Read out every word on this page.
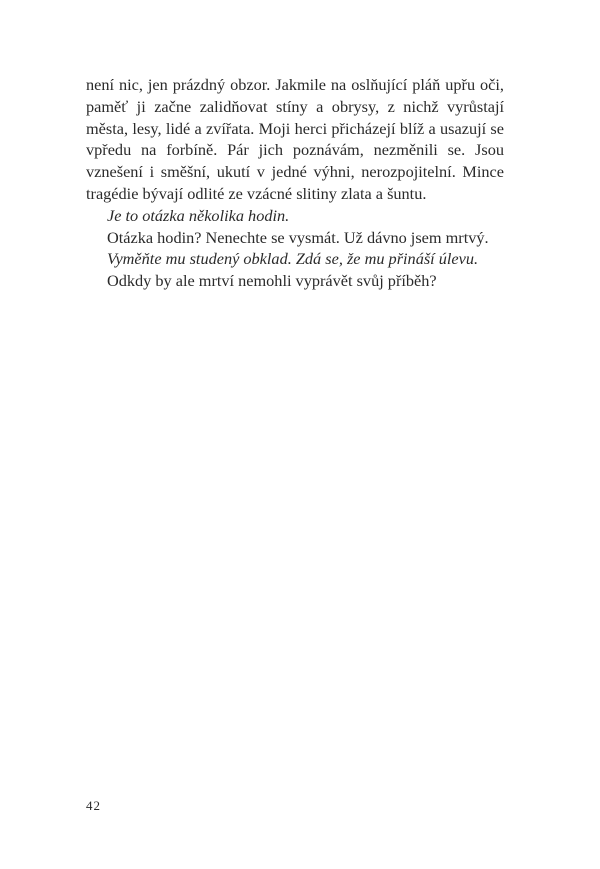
není nic, jen prázdný obzor. Jakmile na oslňující pláň upřu oči, paměť ji začne zalidňovat stíny a obrysy, z nichž vyrůstají města, lesy, lidé a zvířata. Moji herci přicházejí blíž a usazují se vpředu na forbíně. Pár jich poznávám, nezměnili se. Jsou vznešení i směšní, ukutí v jedné výhni, nerozpojitelní. Mince tragédie bývají odlité ze vzácné slitiny zlata a šuntu.

Je to otázka několika hodin.

Otázka hodin? Nenechte se vysmát. Už dávno jsem mrtvý.

Vyměňte mu studený obklad. Zdá se, že mu přináší úlevu.

Odkdy by ale mrtví nemohli vyprávět svůj příběh?

42
